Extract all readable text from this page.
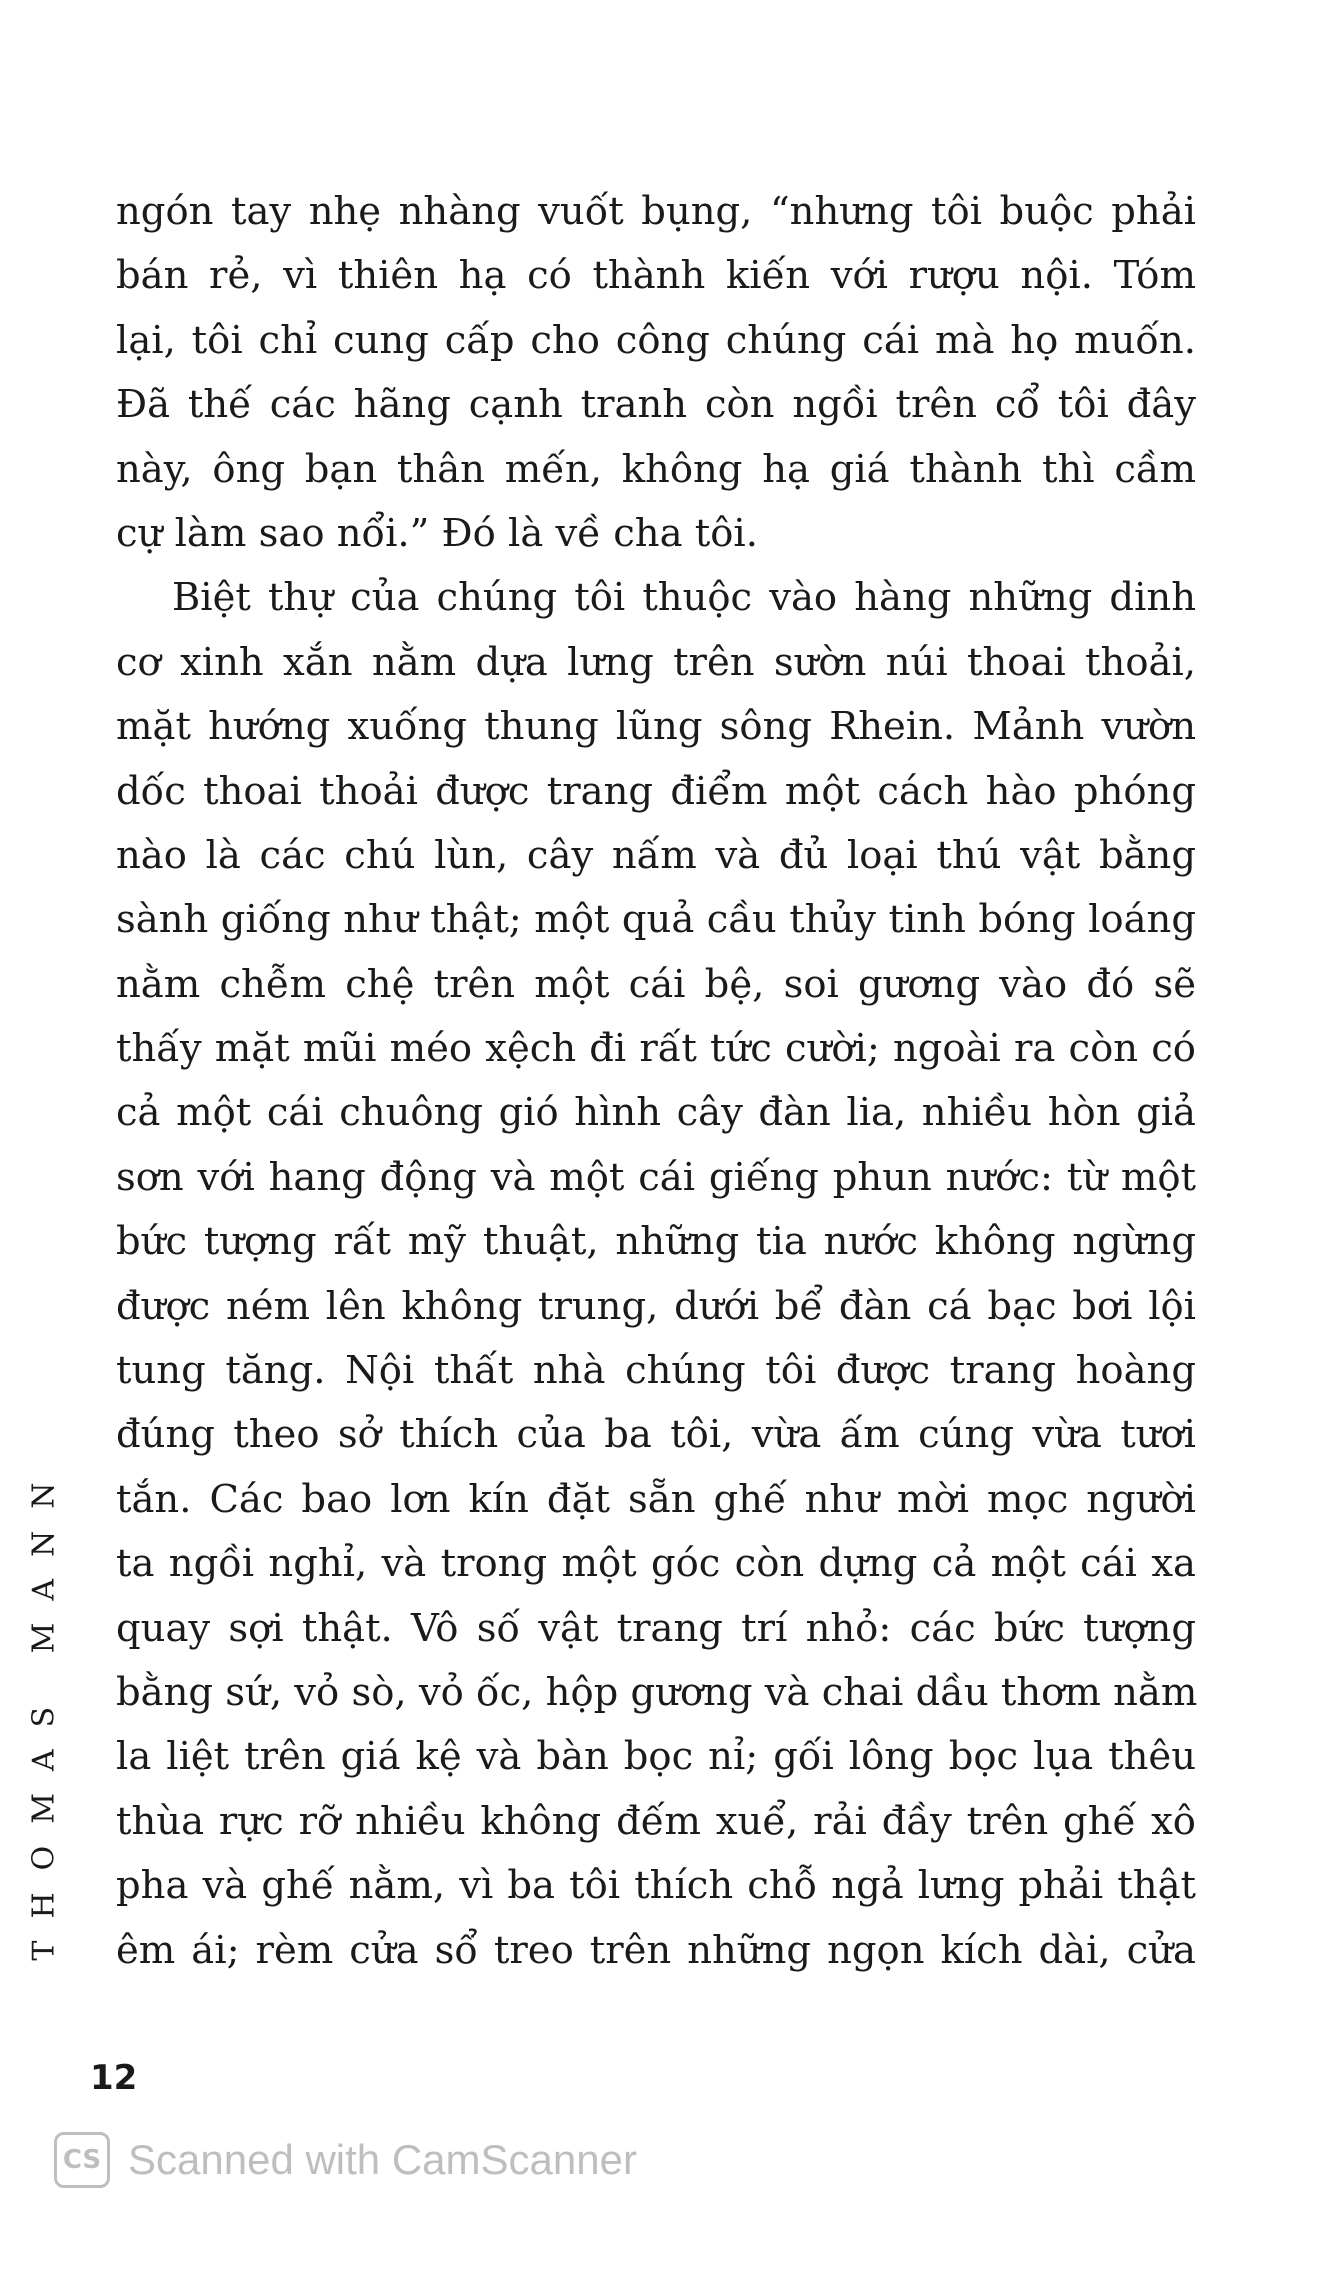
ngón tay nhẹ nhàng vuốt bụng, “nhưng tôi buộc phải
bán rẻ, vì thiên hạ có thành kiến với rượu nội. Tóm
lại, tôi chỉ cung cấp cho công chúng cái mà họ muốn.
Đã thế các hãng cạnh tranh còn ngồi trên cổ tôi đây
này, ông bạn thân mến, không hạ giá thành thì cầm
cự làm sao nổi.” Đó là về cha tôi.
Biệt thự của chúng tôi thuộc vào hàng những dinh
cơ xinh xắn nằm dựa lưng trên sườn núi thoai thoải,
mặt hướng xuống thung lũng sông Rhein. Mảnh vườn
dốc thoai thoải được trang điểm một cách hào phóng
nào là các chú lùn, cây nấm và đủ loại thú vật bằng
sành giống như thật; một quả cầu thủy tinh bóng loáng
nằm chễm chệ trên một cái bệ, soi gương vào đó sẽ
thấy mặt mũi méo xệch đi rất tức cười; ngoài ra còn có
cả một cái chuông gió hình cây đàn lia, nhiều hòn giả
sơn với hang động và một cái giếng phun nước: từ một
bức tượng rất mỹ thuật, những tia nước không ngừng
được ném lên không trung, dưới bể đàn cá bạc bơi lội
tung tăng. Nội thất nhà chúng tôi được trang hoàng
đúng theo sở thích của ba tôi, vừa ấm cúng vừa tươi
tắn. Các bao lơn kín đặt sẵn ghế như mời mọc người
ta ngồi nghỉ, và trong một góc còn dựng cả một cái xa
quay sợi thật. Vô số vật trang trí nhỏ: các bức tượng
bằng sứ, vỏ sò, vỏ ốc, hộp gương và chai dầu thơm nằm
la liệt trên giá kệ và bàn bọc nỉ; gối lông bọc lụa thêu
thùa rực rỡ nhiều không đếm xuể, rải đầy trên ghế xô
pha và ghế nằm, vì ba tôi thích chỗ ngả lưng phải thật
êm ái; rèm cửa sổ treo trên những ngọn kích dài, cửa
THOMAS MANN
12
CS Scanned with CamScanner
